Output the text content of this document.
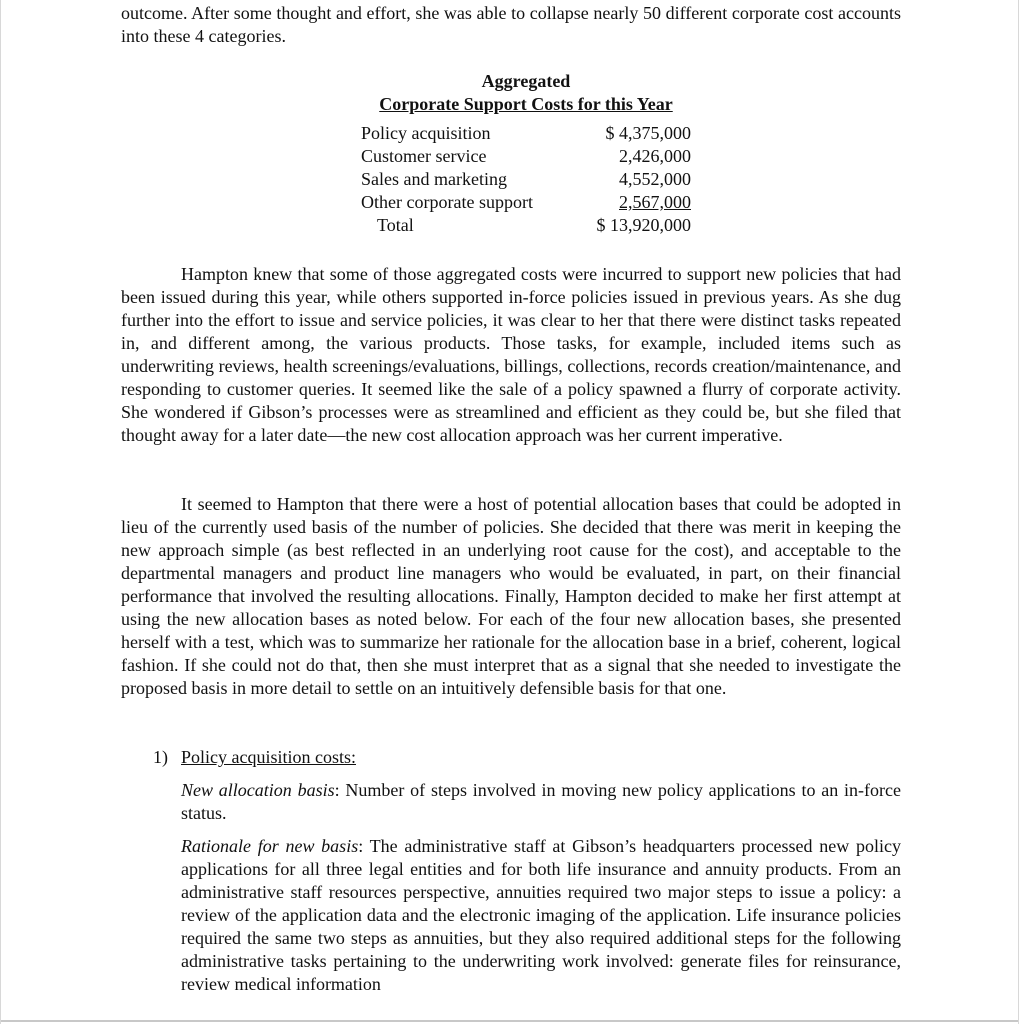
outcome. After some thought and effort, she was able to collapse nearly 50 different corporate cost accounts into these 4 categories.

Aggregated
Corporate Support Costs for this Year
Policy acquisition	$ 4,375,000
Customer service	2,426,000
Sales and marketing	4,552,000
Other corporate support	2,567,000
Total	$ 13,920,000

Hampton knew that some of those aggregated costs were incurred to support new policies that had been issued during this year, while others supported in-force policies issued in previous years. As she dug further into the effort to issue and service policies, it was clear to her that there were distinct tasks repeated in, and different among, the various products. Those tasks, for example, included items such as underwriting reviews, health screenings/evaluations, billings, collections, records creation/maintenance, and responding to customer queries. It seemed like the sale of a policy spawned a flurry of corporate activity. She wondered if Gibson’s processes were as streamlined and efficient as they could be, but she filed that thought away for a later date—the new cost allocation approach was her current imperative.

It seemed to Hampton that there were a host of potential allocation bases that could be adopted in lieu of the currently used basis of the number of policies. She decided that there was merit in keeping the new approach simple (as best reflected in an underlying root cause for the cost), and acceptable to the departmental managers and product line managers who would be evaluated, in part, on their financial performance that involved the resulting allocations. Finally, Hampton decided to make her first attempt at using the new allocation bases as noted below. For each of the four new allocation bases, she presented herself with a test, which was to summarize her rationale for the allocation base in a brief, coherent, logical fashion. If she could not do that, then she must interpret that as a signal that she needed to investigate the proposed basis in more detail to settle on an intuitively defensible basis for that one.

1) Policy acquisition costs:

New allocation basis: Number of steps involved in moving new policy applications to an in-force status.

Rationale for new basis: The administrative staff at Gibson’s headquarters processed new policy applications for all three legal entities and for both life insurance and annuity products. From an administrative staff resources perspective, annuities required two major steps to issue a policy: a review of the application data and the electronic imaging of the application. Life insurance policies required the same two steps as annuities, but they also required additional steps for the following administrative tasks pertaining to the underwriting work involved: generate files for reinsurance, review medical information
